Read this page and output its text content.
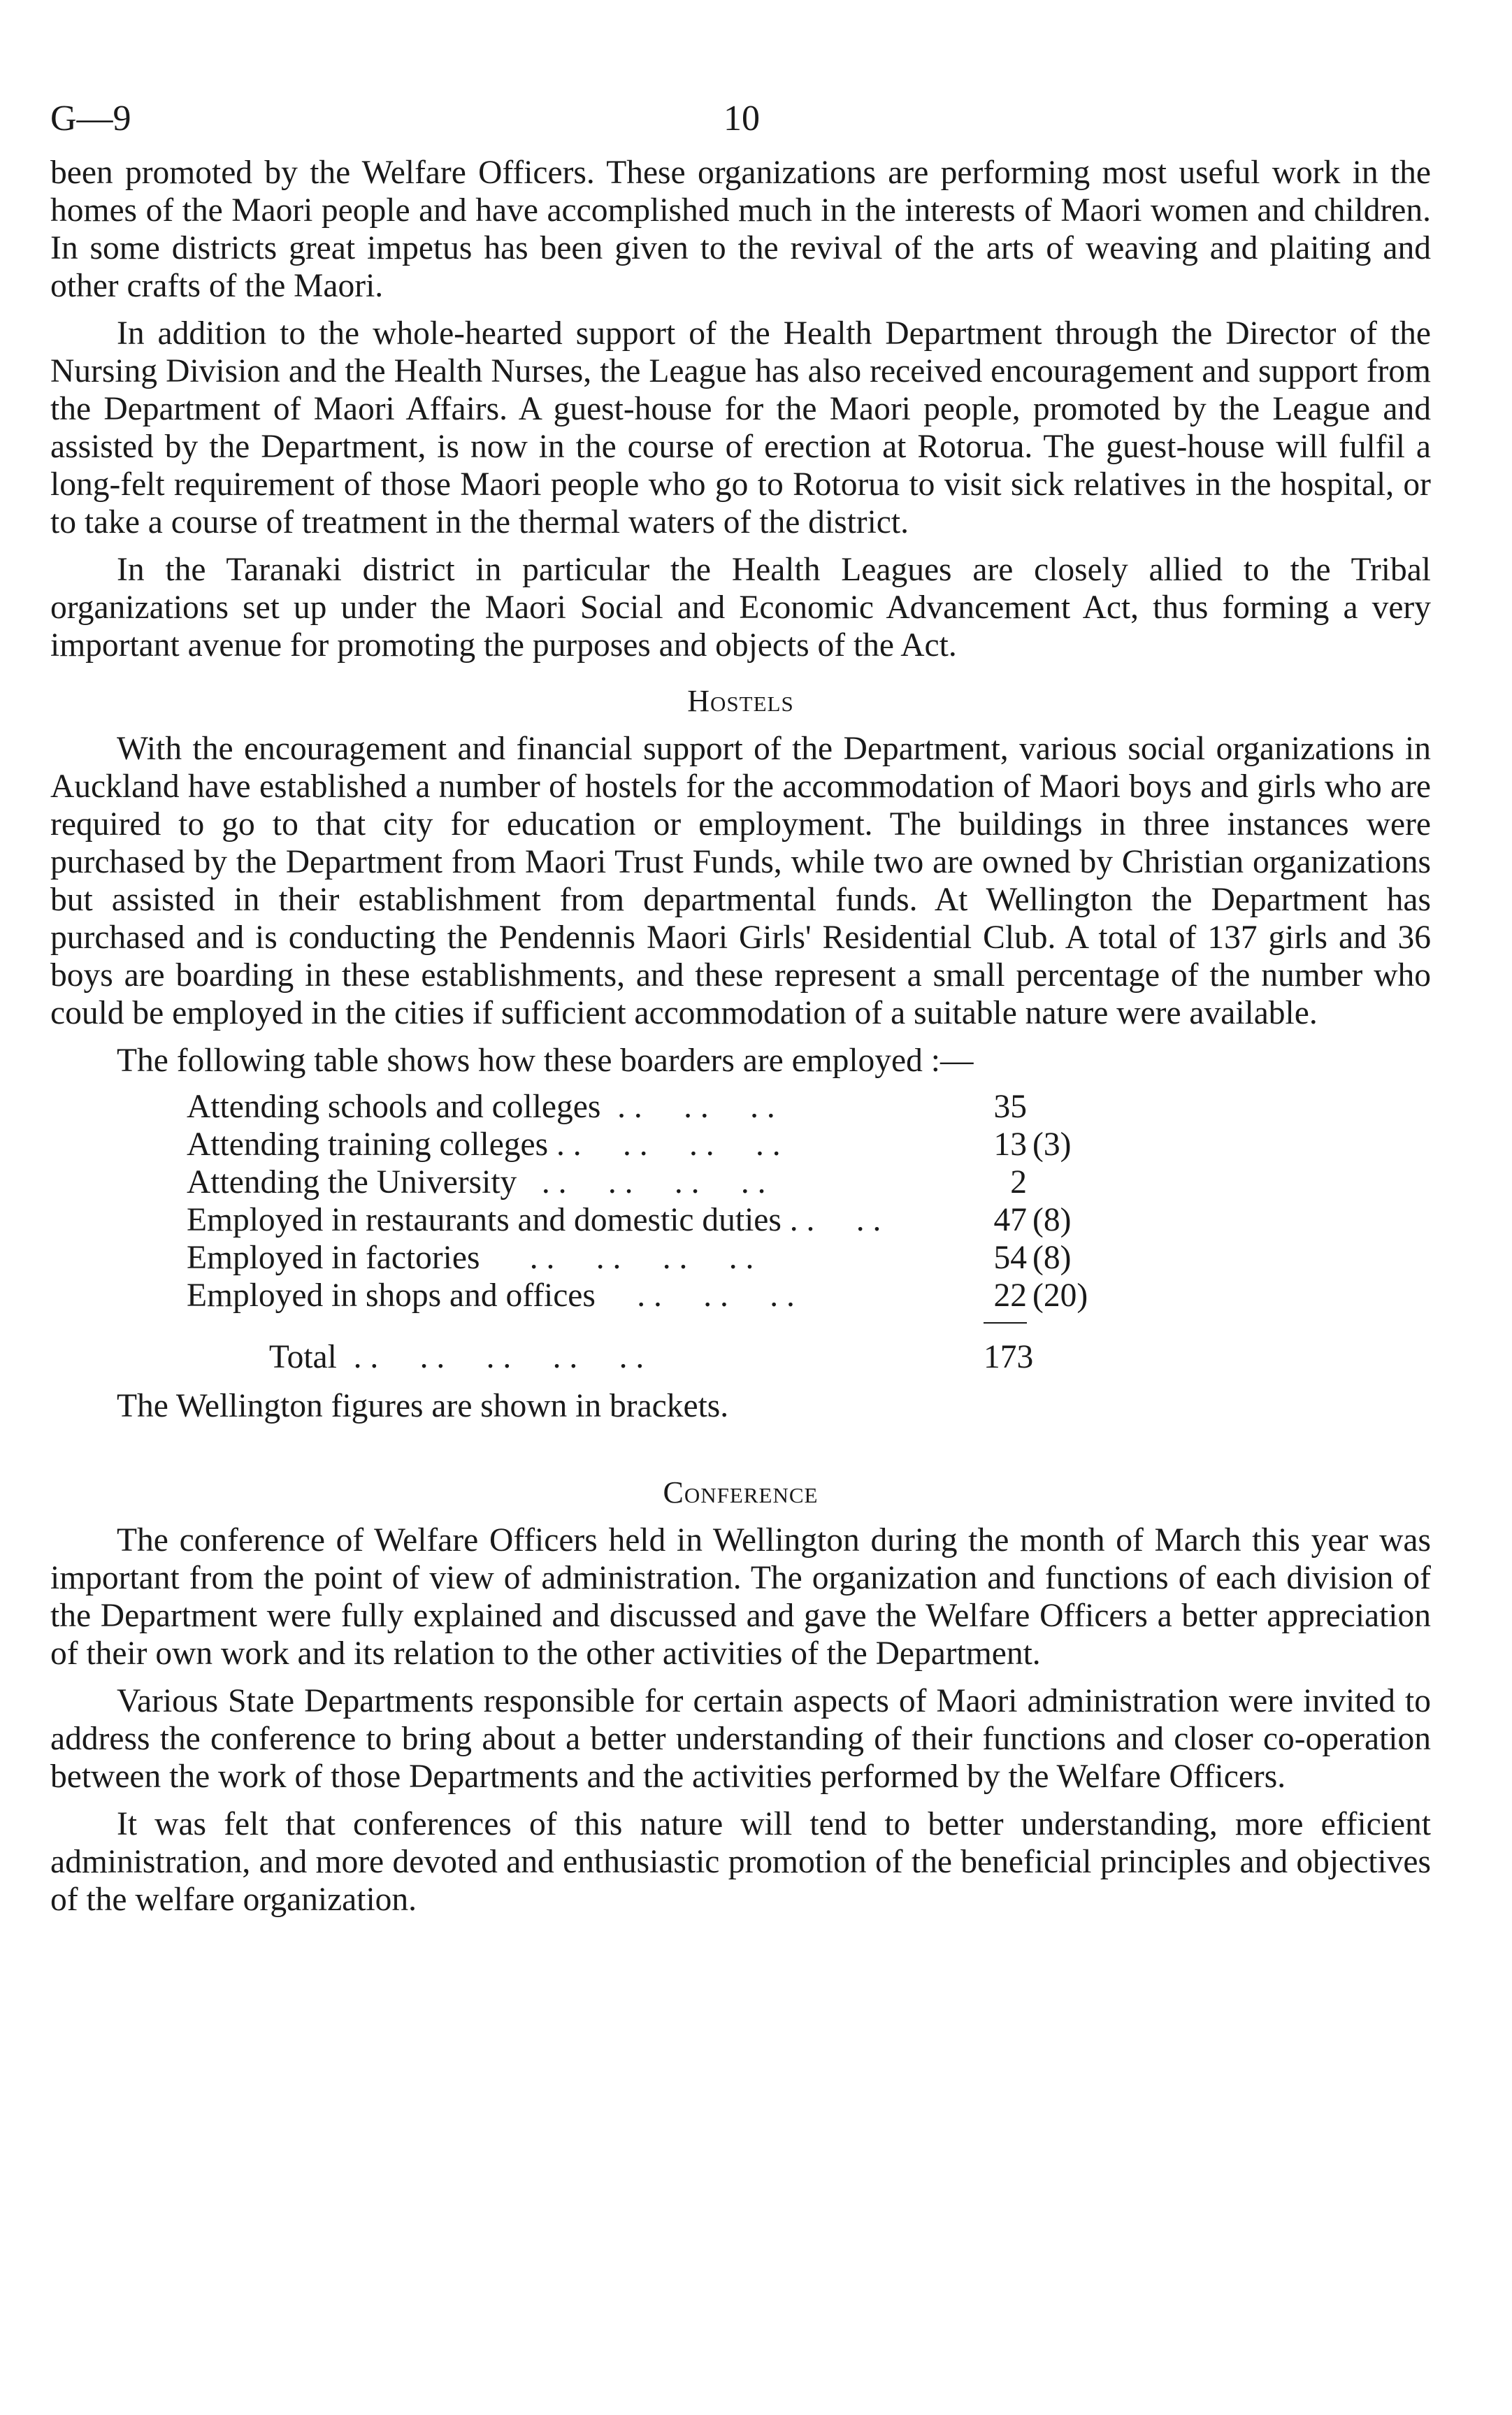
G—9	10

been promoted by the Welfare Officers. These organizations are performing most useful work in the homes of the Maori people and have accomplished much in the interests of Maori women and children. In some districts great impetus has been given to the revival of the arts of weaving and plaiting and other crafts of the Maori.

In addition to the whole-hearted support of the Health Department through the Director of the Nursing Division and the Health Nurses, the League has also received encouragement and support from the Department of Maori Affairs. A guest-house for the Maori people, promoted by the League and assisted by the Department, is now in the course of erection at Rotorua. The guest-house will fulfil a long-felt requirement of those Maori people who go to Rotorua to visit sick relatives in the hospital, or to take a course of treatment in the thermal waters of the district.

In the Taranaki district in particular the Health Leagues are closely allied to the Tribal organizations set up under the Maori Social and Economic Advancement Act, thus forming a very important avenue for promoting the purposes and objects of the Act.

Hostels

With the encouragement and financial support of the Department, various social organizations in Auckland have established a number of hostels for the accommodation of Maori boys and girls who are required to go to that city for education or employment. The buildings in three instances were purchased by the Department from Maori Trust Funds, while two are owned by Christian organizations but assisted in their establishment from departmental funds. At Wellington the Department has purchased and is conducting the Pendennis Maori Girls' Residential Club. A total of 137 girls and 36 boys are boarding in these establishments, and these represent a small percentage of the number who could be employed in the cities if sufficient accommodation of a suitable nature were available.

The following table shows how these boarders are employed :—

Attending schools and colleges  . .     . .     . .	35
Attending training colleges . .     . .     . .     . .	13 (3)
Attending the University   . .     . .     . .     . .	2
Employed in restaurants and domestic duties . .     . .	47 (8)
Employed in factories      . .     . .     . .     . .	54 (8)
Employed in shops and offices     . .     . .     . .	22 (20)
Total  . .     . .     . .     . .     . .	173

The Wellington figures are shown in brackets.

Conference

The conference of Welfare Officers held in Wellington during the month of March this year was important from the point of view of administration. The organization and functions of each division of the Department were fully explained and discussed and gave the Welfare Officers a better appreciation of their own work and its relation to the other activities of the Department.

Various State Departments responsible for certain aspects of Maori administration were invited to address the conference to bring about a better understanding of their functions and closer co-operation between the work of those Departments and the activities performed by the Welfare Officers.

It was felt that conferences of this nature will tend to better understanding, more efficient administration, and more devoted and enthusiastic promotion of the beneficial principles and objectives of the welfare organization.
